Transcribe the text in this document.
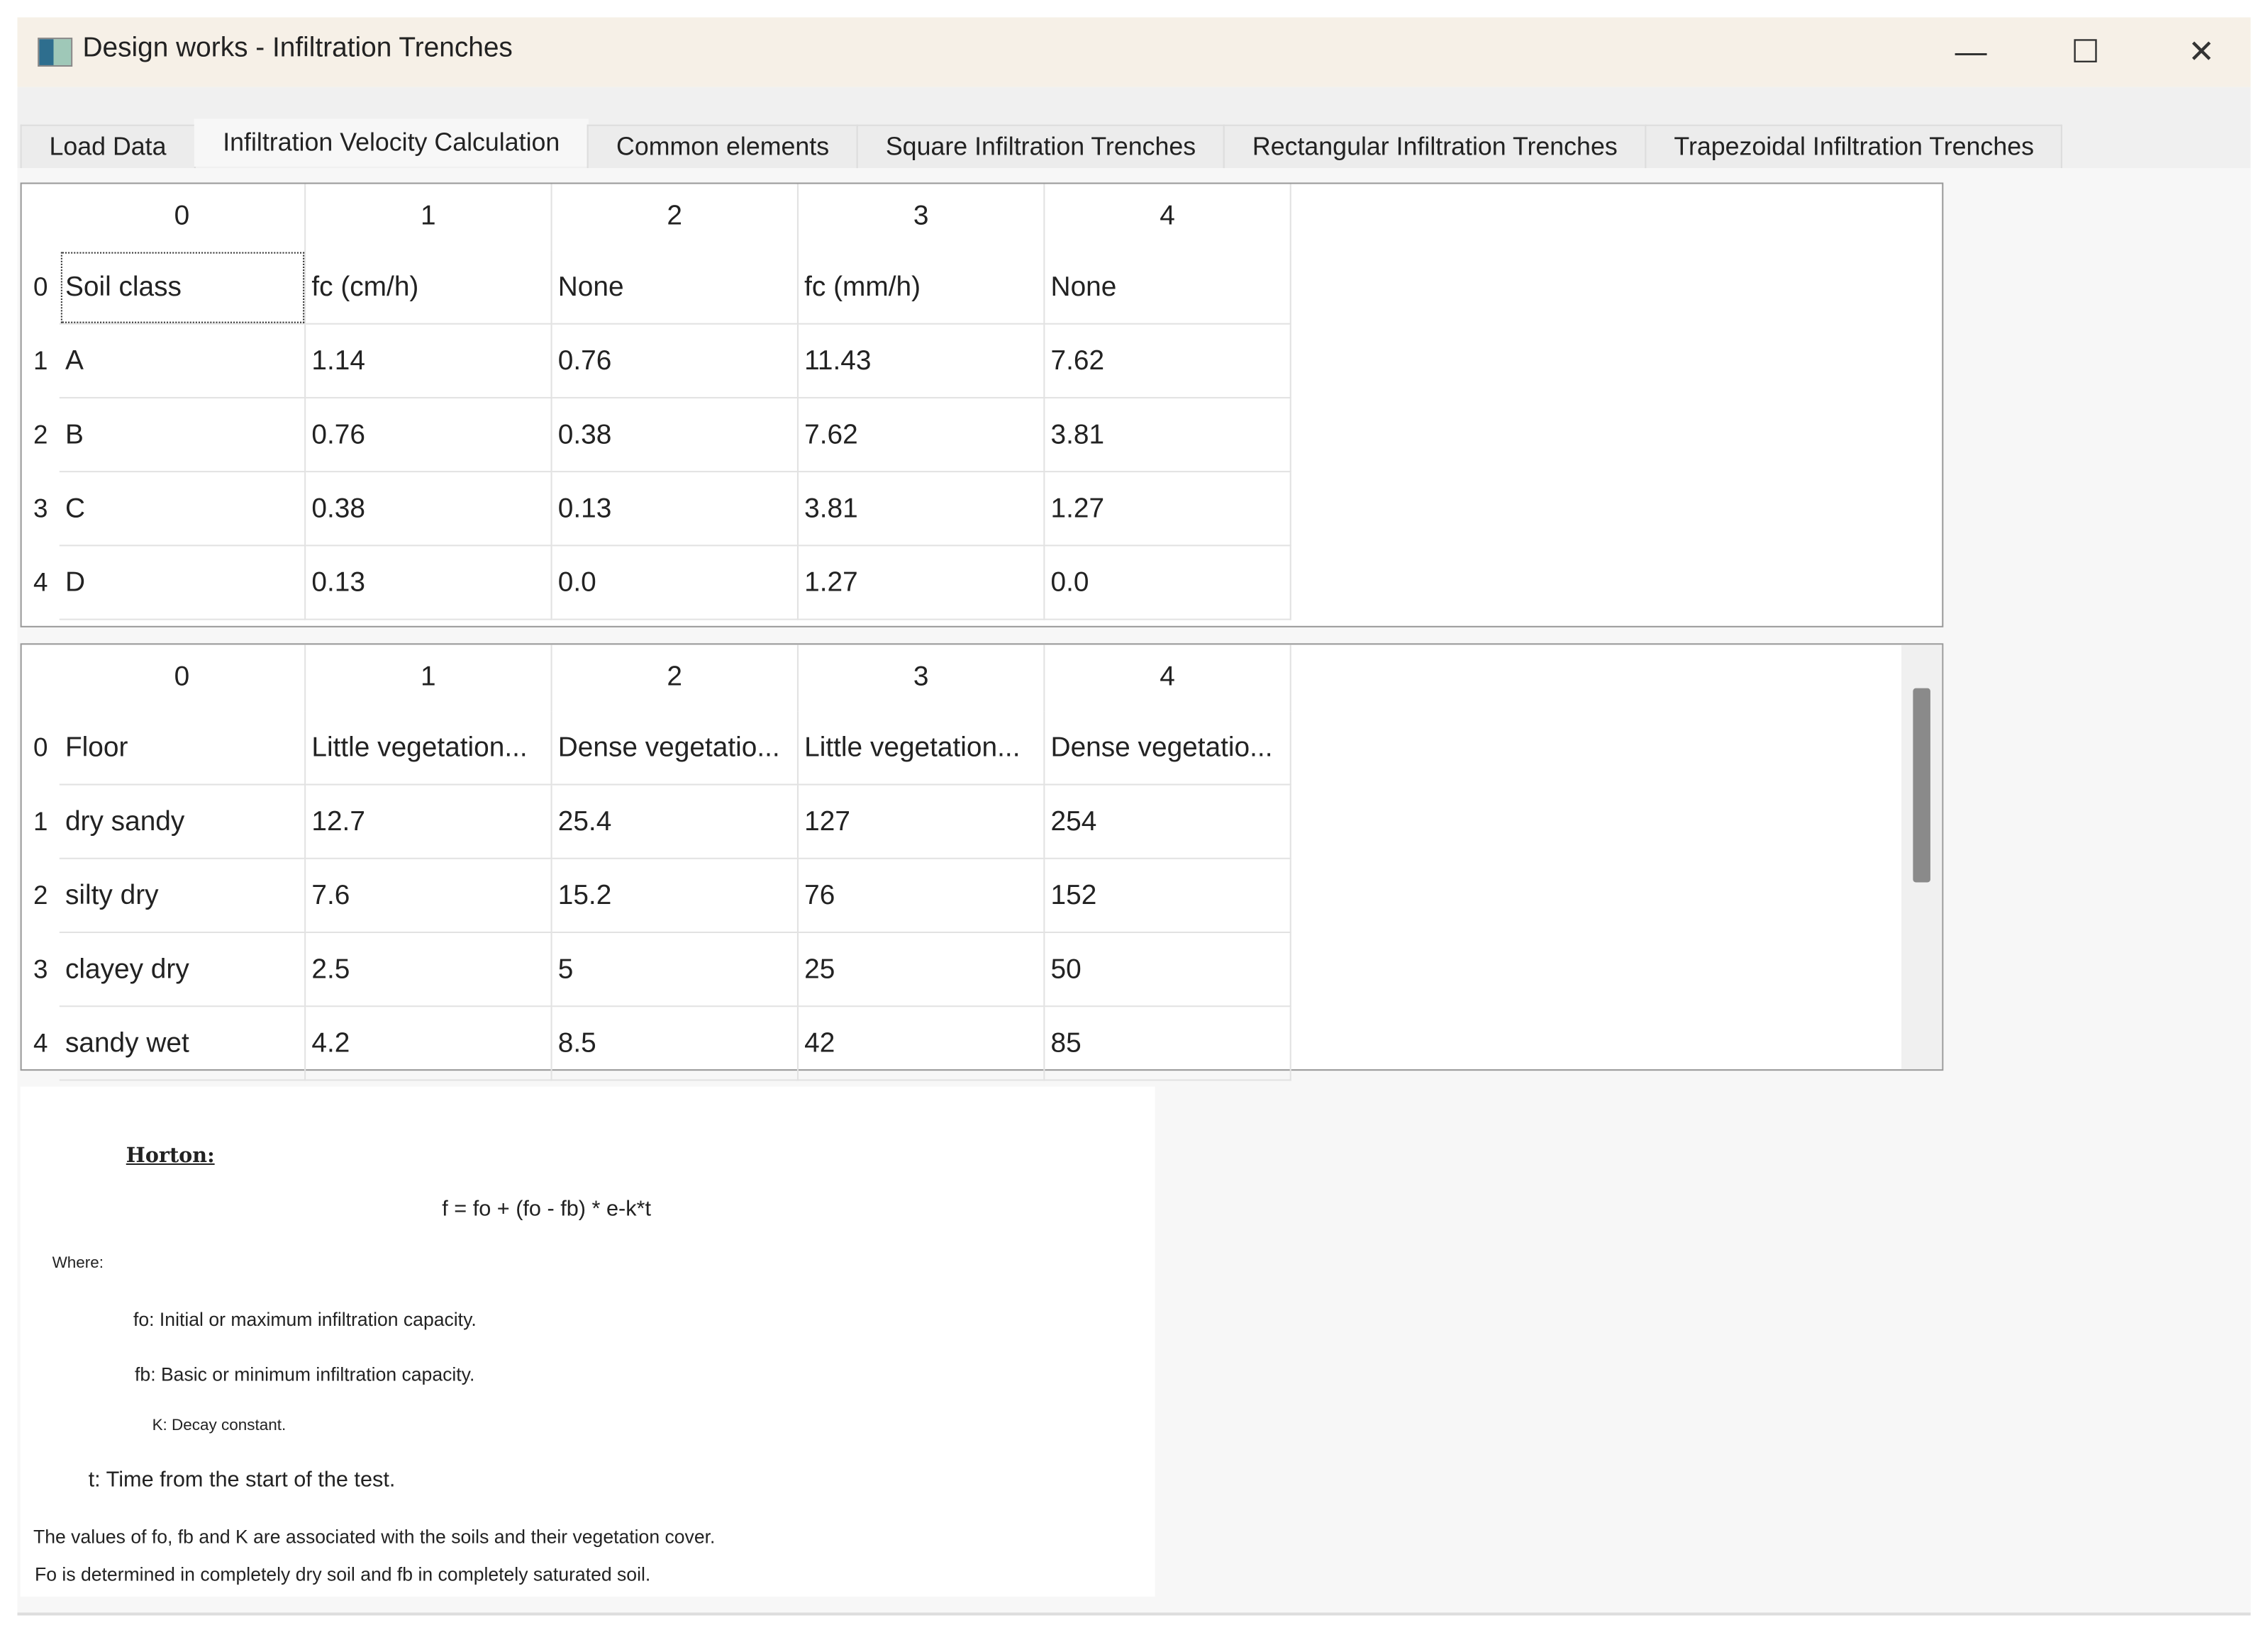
Design works - Infiltration Trenches	—	☐	✕
Load Data	Infiltration Velocity Calculation	Common elements	Square Infiltration Trenches	Rectangular Infiltration Trenches	Trapezoidal Infiltration Trenches
0	1	2	3	4
0	Soil class	fc (cm/h)	None	fc (mm/h)	None
1	A	1.14	0.76	11.43	7.62
2	B	0.76	0.38	7.62	3.81
3	C	0.38	0.13	3.81	1.27
4	D	0.13	0.0	1.27	0.0
0	1	2	3	4
0	Floor	Little vegetation...	Dense vegetatio...	Little vegetation...	Dense vegetatio...
1	dry sandy	12.7	25.4	127	254
2	silty dry	7.6	15.2	76	152
3	clayey dry	2.5	5	25	50
4	sandy wet	4.2	8.5	42	85
Horton:
f = fo + (fo - fb) * e-k*t
Where:
fo: Initial or maximum infiltration capacity.
fb: Basic or minimum infiltration capacity.
K: Decay constant.
t: Time from the start of the test.
The values of fo, fb and K are associated with the soils and their vegetation cover.
Fo is determined in completely dry soil and fb in completely saturated soil.
